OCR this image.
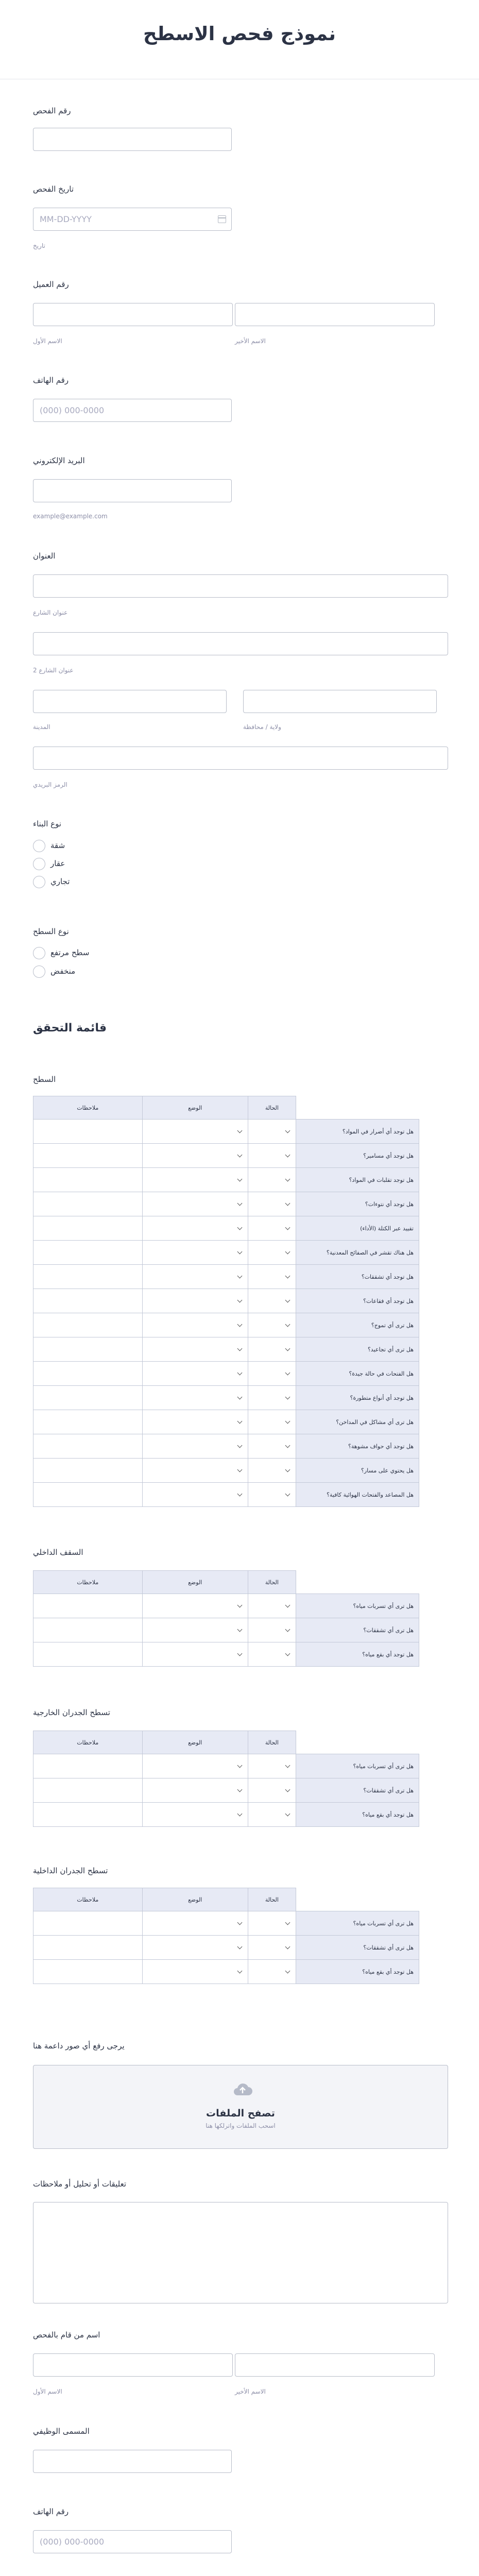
نموذج فحص الاسطح
رقم الفحص
تاريخ الفحص
MM-DD-YYYY
تاريخ
رقم العميل
الاسم الأول	الاسم الأخير
رقم الهاتف
(000) 000-0000
البريد الإلكتروني
example@example.com
العنوان
عنوان الشارع
عنوان الشارع 2
المدينة	ولاية / محافظة
الرمز البريدي
نوع البناء
شقة
عقار
تجاري
نوع السطح
سطح مرتفع
منخفض
قائمة التحقق
السطح
	الحالة	الوضع	ملاحظات
هل توجد أي أضرار في المواد؟	

هل توجد أي مسامير؟	

هل توجد تقلبات في المواد؟	

هل توجد أي نتوءات؟	

تقييد عبر الكتلة (الأداء)	

هل هناك تقشر في الصفائح المعدنية؟	

هل توجد أي تشققات؟	

هل توجد أي فقاعات؟	

هل ترى أي تموج؟	

هل ترى أي تجاعيد؟	

هل الفتحات في حالة جيدة؟	

هل توجد أي أنواع متطورة؟	

هل ترى أي مشاكل في المداخن؟	

هل توجد أي حواف مشوهة؟	

هل يحتوي على مسار؟	

هل المصاعد والفتحات الهوائية كافية؟	

السقف الداخلي
	الحالة	الوضع	ملاحظات
هل ترى أي تسربات مياه؟	

هل ترى أي تشققات؟	

هل توجد أي بقع مياه؟	

تسطح الجدران الخارجية
	الحالة	الوضع	ملاحظات
هل ترى أي تسربات مياه؟	

هل ترى أي تشققات؟	

هل توجد أي بقع مياه؟	

تسطح الجدران الداخلية
	الحالة	الوضع	ملاحظات
هل ترى أي تسربات مياه؟	

هل ترى أي تشققات؟	

هل توجد أي بقع مياه؟	

يرجى رفع أي صور داعمة هنا
تصفح الملفات
اسحب الملفات واترلكها هنا
تعليقات أو تحليل أو ملاحظات
اسم من قام بالفحص
الاسم الأول	الاسم الأخير
المسمى الوظيفي
رقم الهاتف
(000) 000-0000
